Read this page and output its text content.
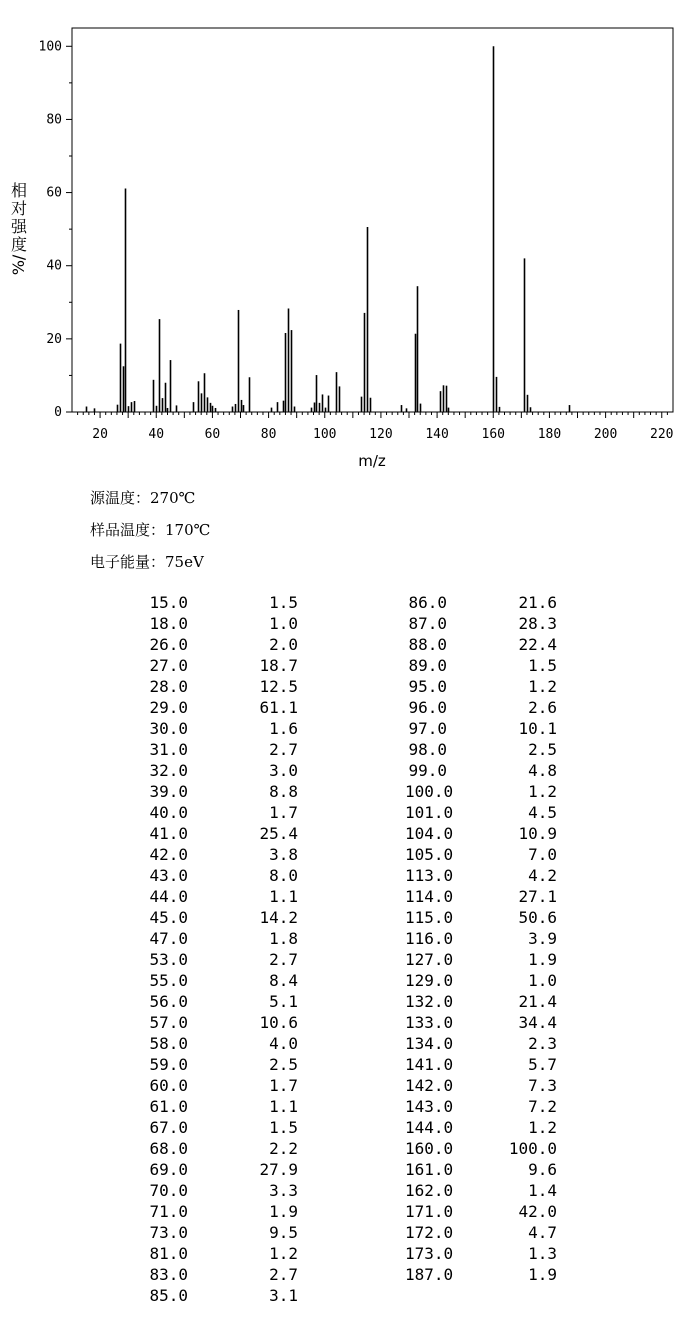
0
20
40
60
80
100
20	40	60	80	100	120	140	160	180	200	220
m/z
相
对
强
度
%/
源温度：270℃
样品温度：170℃
电子能量：75eV
15.0	1.5
18.0	1.0
26.0	2.0
27.0	18.7
28.0	12.5
29.0	61.1
30.0	1.6
31.0	2.7
32.0	3.0
39.0	8.8
40.0	1.7
41.0	25.4
42.0	3.8
43.0	8.0
44.0	1.1
45.0	14.2
47.0	1.8
53.0	2.7
55.0	8.4
56.0	5.1
57.0	10.6
58.0	4.0
59.0	2.5
60.0	1.7
61.0	1.1
67.0	1.5
68.0	2.2
69.0	27.9
70.0	3.3
71.0	1.9
73.0	9.5
81.0	1.2
83.0	2.7
85.0	3.1
86.0	21.6
87.0	28.3
88.0	22.4
89.0	1.5
95.0	1.2
96.0	2.6
97.0	10.1
98.0	2.5
99.0	4.8
100.0	1.2
101.0	4.5
104.0	10.9
105.0	7.0
113.0	4.2
114.0	27.1
115.0	50.6
116.0	3.9
127.0	1.9
129.0	1.0
132.0	21.4
133.0	34.4
134.0	2.3
141.0	5.7
142.0	7.3
143.0	7.2
144.0	1.2
160.0	100.0
161.0	9.6
162.0	1.4
171.0	42.0
172.0	4.7
173.0	1.3
187.0	1.9
